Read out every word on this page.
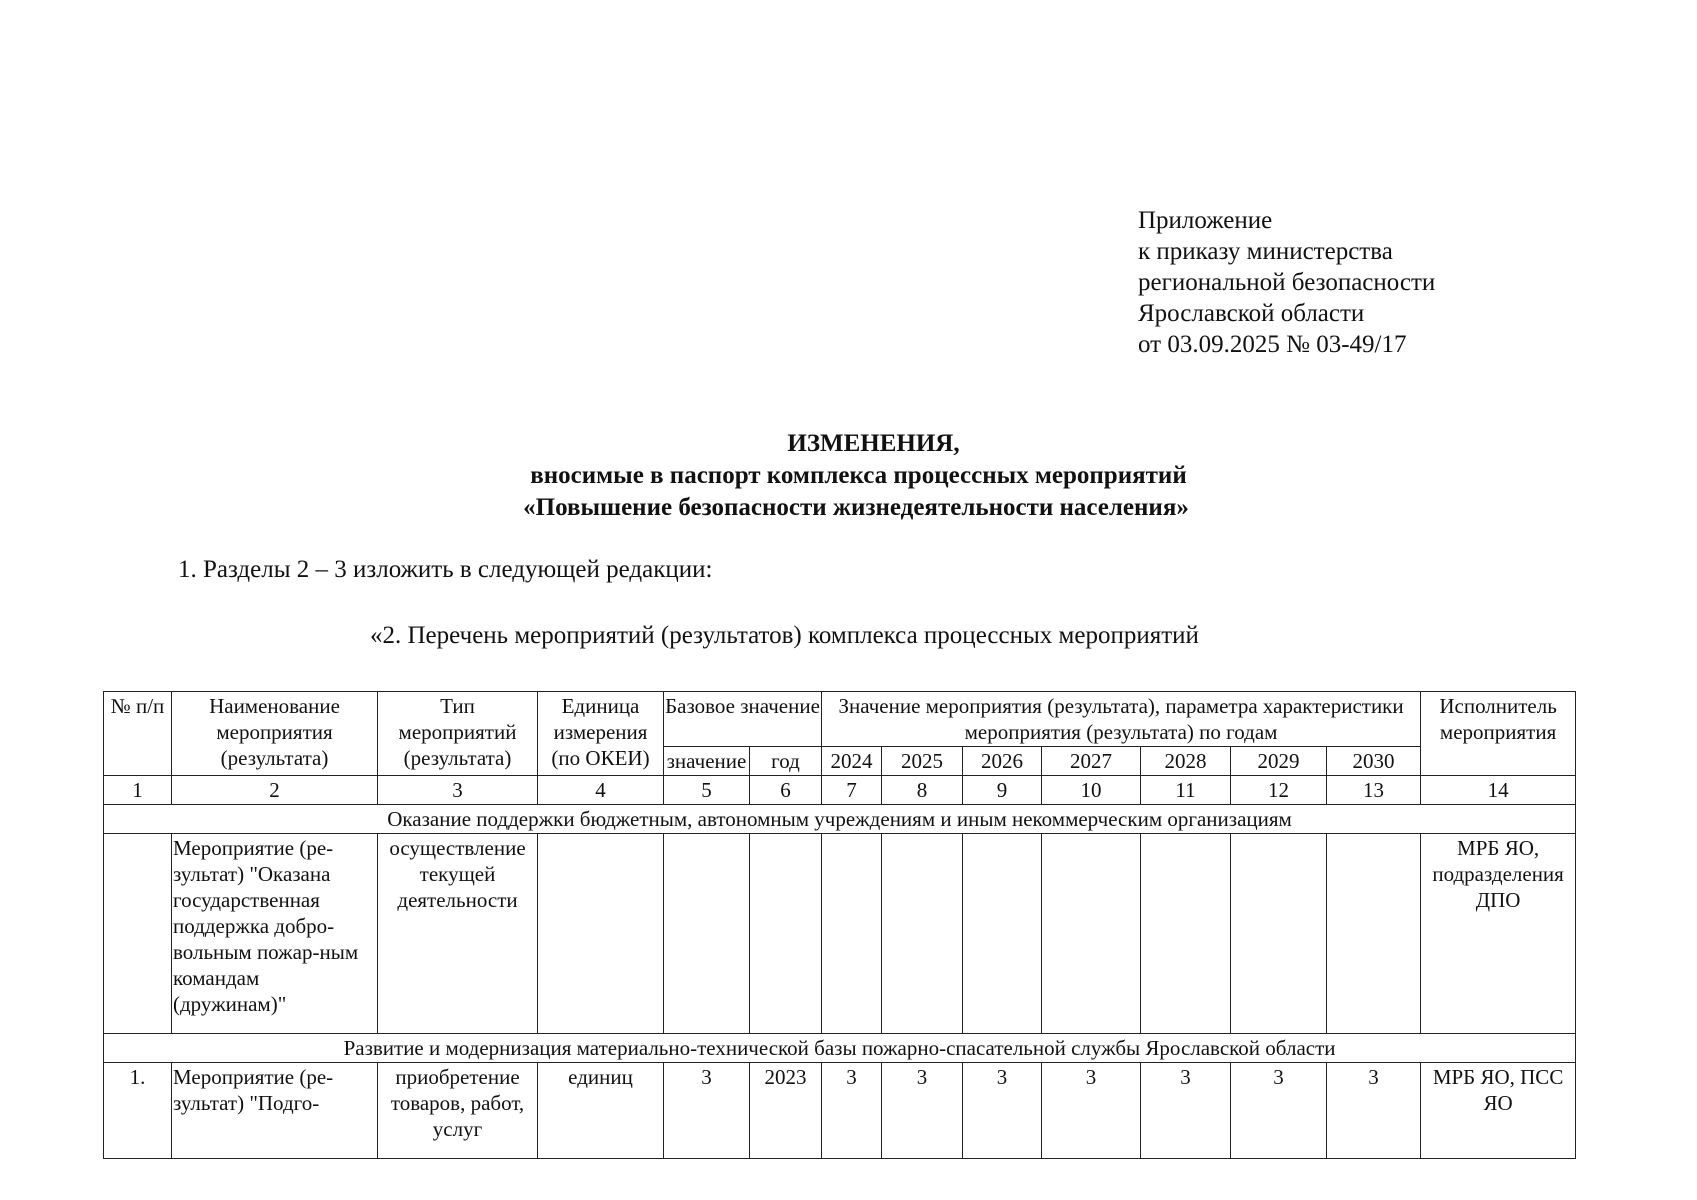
Приложение
к приказу министерства
региональной безопасности
Ярославской области
от 03.09.2025 № 03-49/17
ИЗМЕНЕНИЯ,
вносимые в паспорт комплекса процессных мероприятий
«Повышение безопасности жизнедеятельности населения»
1. Разделы 2 – 3 изложить в следующей редакции:
«2. Перечень мероприятий (результатов) комплекса процессных мероприятий
№ п/п	Наименование мероприятия (результата)	Тип мероприятий (результата)	Единица измерения (по ОКЕИ)	Базовое значение		Значение мероприятия (результата), параметра характеристики мероприятия (результата) по годам							Исполнитель мероприятия
				значение	год	2024	2025	2026	2027	2028	2029	2030	
1	2	3	4	5	6	7	8	9	10	11	12	13	14
Оказание поддержки бюджетным, автономным учреждениям и иным некоммерческим организациям													
	Мероприятие (ре-зультат) "Оказана государственная поддержка добро-вольным пожар-ным командам (дружинам)"	осуществление текущей деятельности											МРБ ЯО, подразделения ДПО
Развитие и модернизация материально-технической базы пожарно-спасательной службы Ярославской области													
1.	Мероприятие (ре-зультат) "Подго-	приобретение товаров, работ, услуг	единиц	3	2023	3	3	3	3	3	3	3	МРБ ЯО, ПСС ЯО
